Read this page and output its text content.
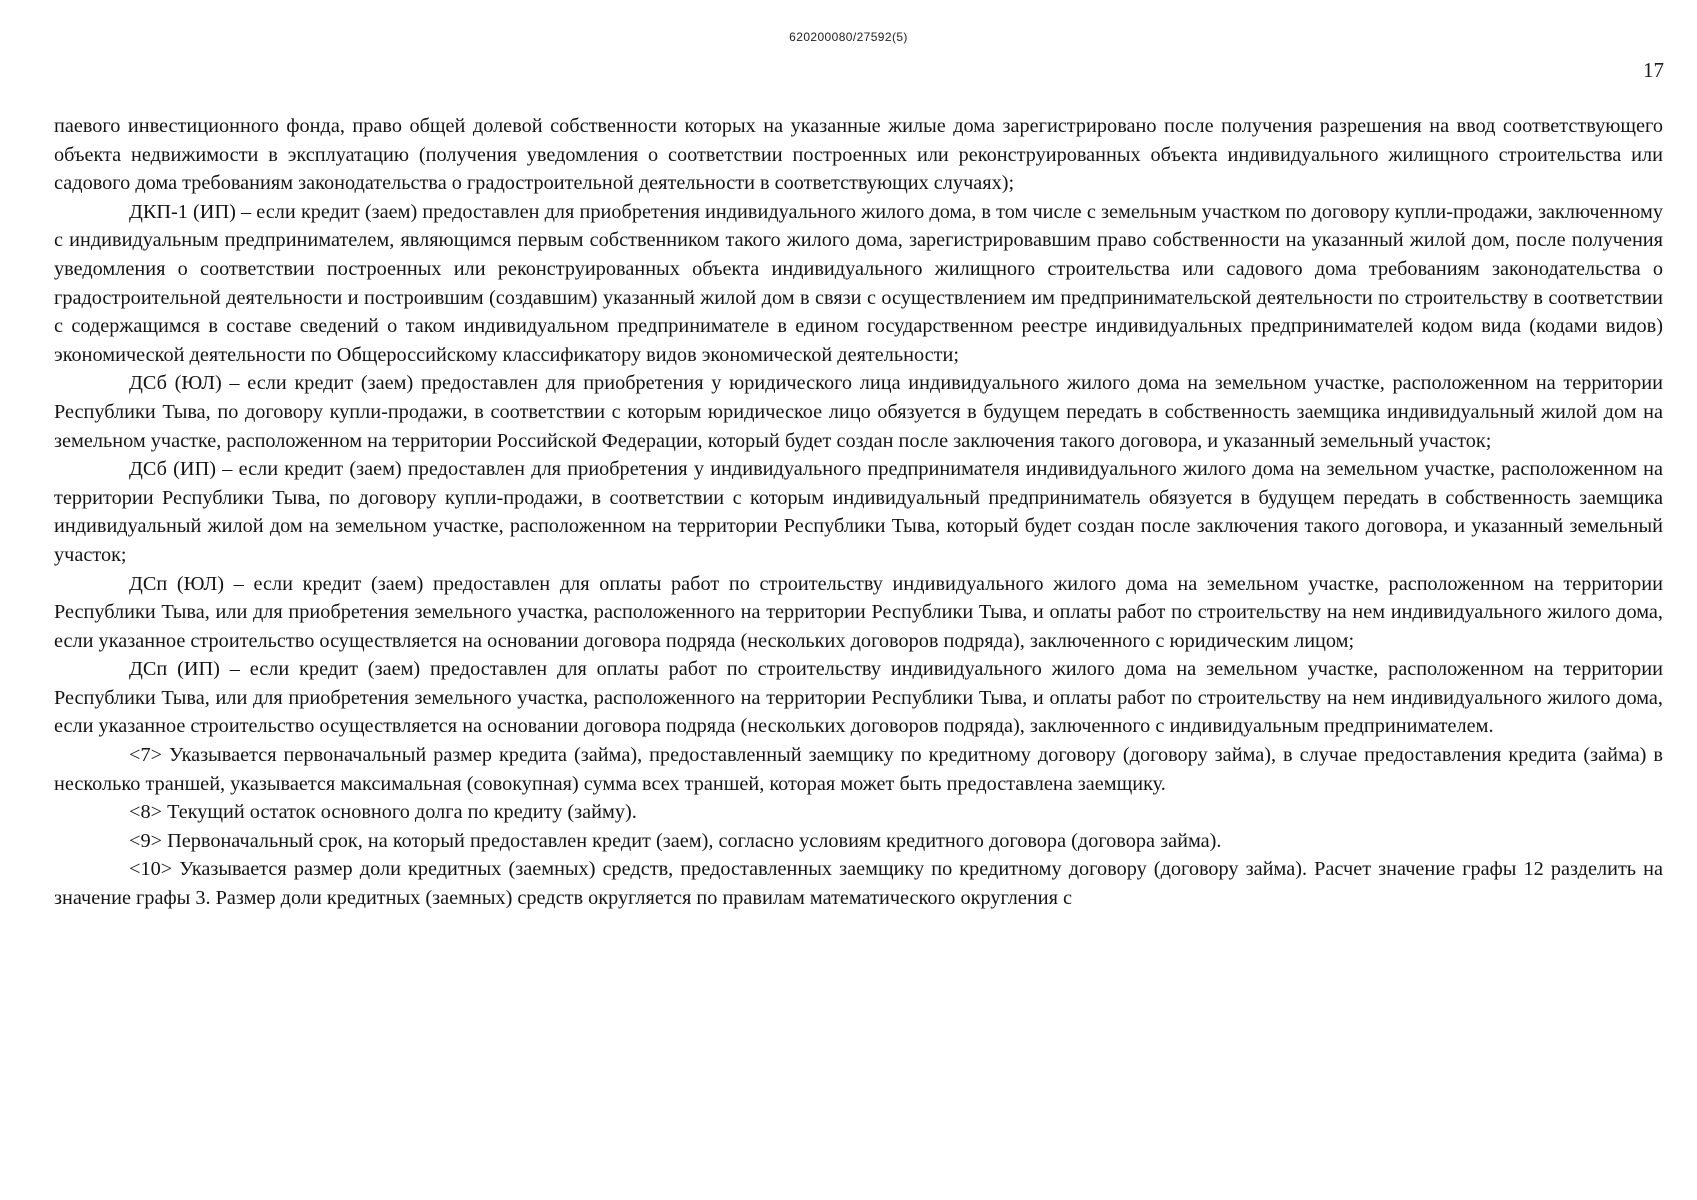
620200080/27592(5)
17

паевого инвестиционного фонда, право общей долевой собственности которых на указанные жилые дома зарегистрировано после получения разрешения на ввод соответствующего объекта недвижимости в эксплуатацию (получения уведомления о соответствии построенных или реконструированных объекта индивидуального жилищного строительства или садового дома требованиям законодательства о градостроительной деятельности в соответствующих случаях);

ДКП-1 (ИП) – если кредит (заем) предоставлен для приобретения индивидуального жилого дома, в том числе с земельным участком по договору купли-продажи, заключенному с индивидуальным предпринимателем, являющимся первым собственником такого жилого дома, зарегистрировавшим право собственности на указанный жилой дом, после получения уведомления о соответствии построенных или реконструированных объекта индивидуального жилищного строительства или садового дома требованиям законодательства о градостроительной деятельности и построившим (создавшим) указанный жилой дом в связи с осуществлением им предпринимательской деятельности по строительству в соответствии с содержащимся в составе сведений о таком индивидуальном предпринимателе в едином государственном реестре индивидуальных предпринимателей кодом вида (кодами видов) экономической деятельности по Общероссийскому классификатору видов экономической деятельности;

ДСб (ЮЛ) – если кредит (заем) предоставлен для приобретения у юридического лица индивидуального жилого дома на земельном участке, расположенном на территории Республики Тыва, по договору купли-продажи, в соответствии с которым юридическое лицо обязуется в будущем передать в собственность заемщика индивидуальный жилой дом на земельном участке, расположенном на территории Российской Федерации, который будет создан после заключения такого договора, и указанный земельный участок;

ДСб (ИП) – если кредит (заем) предоставлен для приобретения у индивидуального предпринимателя индивидуального жилого дома на земельном участке, расположенном на территории Республики Тыва, по договору купли-продажи, в соответствии с которым индивидуальный предприниматель обязуется в будущем передать в собственность заемщика индивидуальный жилой дом на земельном участке, расположенном на территории Республики Тыва, который будет создан после заключения такого договора, и указанный земельный участок;

ДСп (ЮЛ) – если кредит (заем) предоставлен для оплаты работ по строительству индивидуального жилого дома на земельном участке, расположенном на территории Республики Тыва, или для приобретения земельного участка, расположенного на территории Республики Тыва, и оплаты работ по строительству на нем индивидуального жилого дома, если указанное строительство осуществляется на основании договора подряда (нескольких договоров подряда), заключенного с юридическим лицом;

ДСп (ИП) – если кредит (заем) предоставлен для оплаты работ по строительству индивидуального жилого дома на земельном участке, расположенном на территории Республики Тыва, или для приобретения земельного участка, расположенного на территории Республики Тыва, и оплаты работ по строительству на нем индивидуального жилого дома, если указанное строительство осуществляется на основании договора подряда (нескольких договоров подряда), заключенного с индивидуальным предпринимателем.

<7> Указывается первоначальный размер кредита (займа), предоставленный заемщику по кредитному договору (договору займа), в случае предоставления кредита (займа) в несколько траншей, указывается максимальная (совокупная) сумма всех траншей, которая может быть предоставлена заемщику.

<8> Текущий остаток основного долга по кредиту (займу).

<9> Первоначальный срок, на который предоставлен кредит (заем), согласно условиям кредитного договора (договора займа).

<10> Указывается размер доли кредитных (заемных) средств, предоставленных заемщику по кредитному договору (договору займа). Расчет значение графы 12 разделить на значение графы 3. Размер доли кредитных (заемных) средств округляется по правилам математического округления с
